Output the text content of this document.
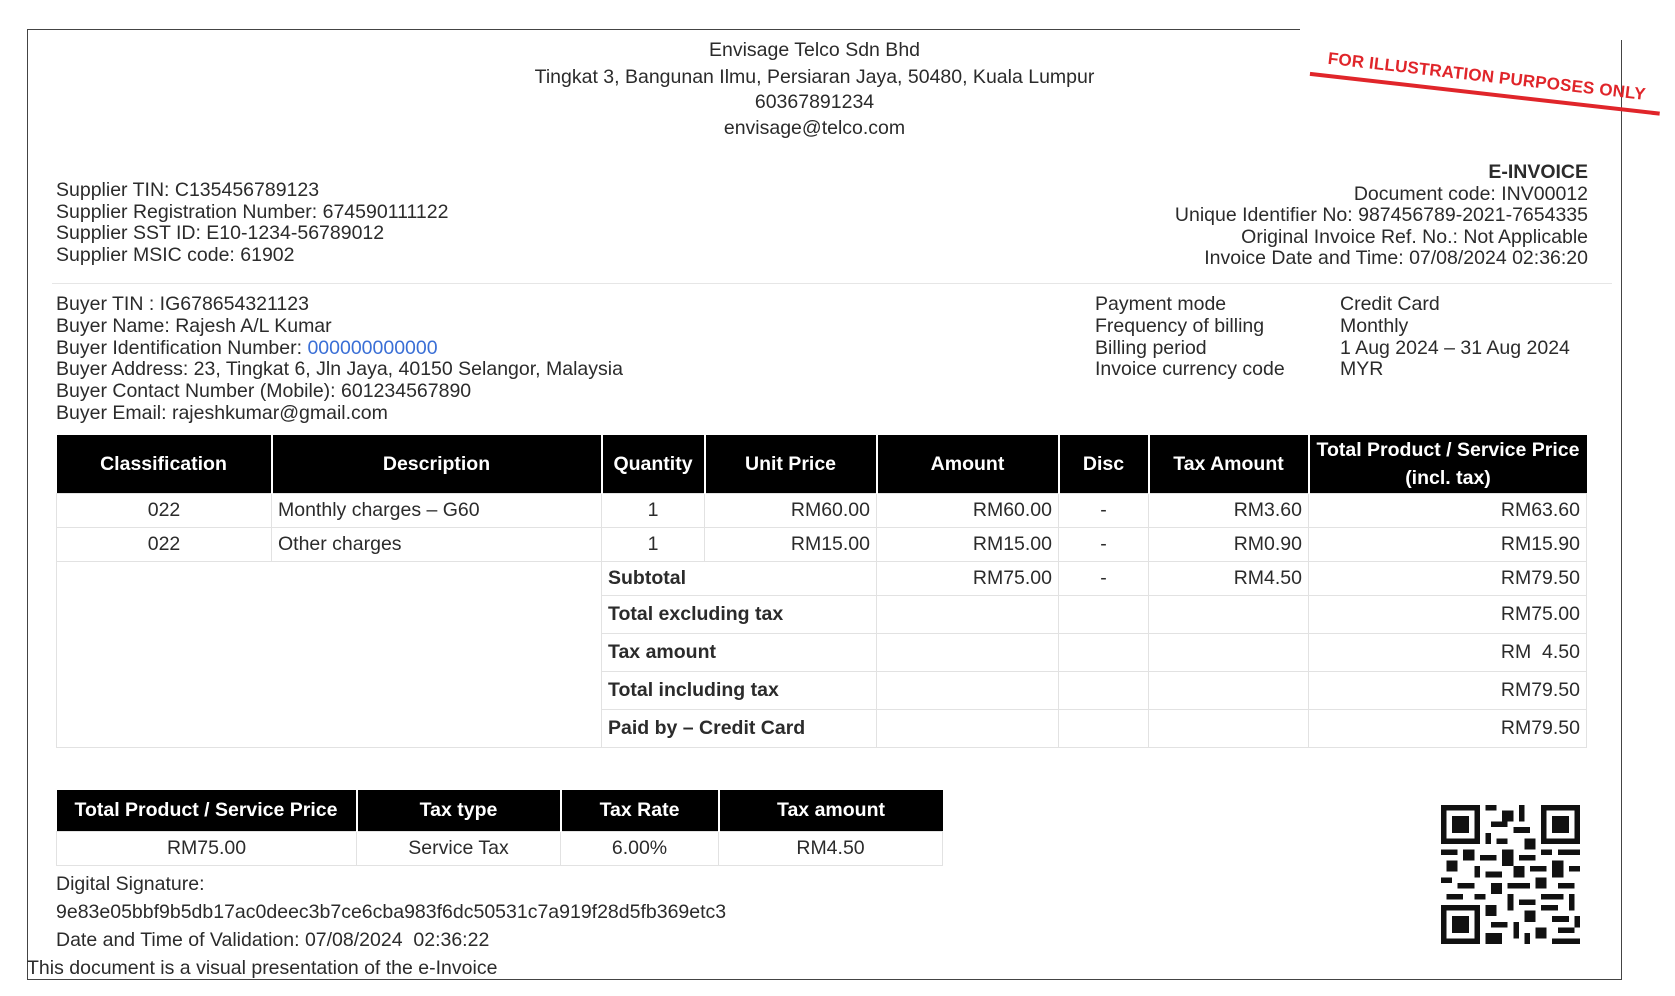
FOR ILLUSTRATION PURPOSES ONLY
Envisage Telco Sdn Bhd
Tingkat 3, Bangunan Ilmu, Persiaran Jaya, 50480, Kuala Lumpur
60367891234
envisage@telco.com
Supplier TIN: C135456789123
Supplier Registration Number: 674590111122
Supplier SST ID: E10-1234-56789012
Supplier MSIC code: 61902
E-INVOICE
Document code: INV00012
Unique Identifier No: 987456789-2021-7654335
Original Invoice Ref. No.: Not Applicable
Invoice Date and Time: 07/08/2024 02:36:20
Buyer TIN : IG678654321123
Buyer Name: Rajesh A/L Kumar
Buyer Identification Number: 000000000000
Buyer Address: 23, Tingkat 6, Jln Jaya, 40150 Selangor, Malaysia
Buyer Contact Number (Mobile): 601234567890
Buyer Email: rajeshkumar@gmail.com
Payment mode	Credit Card
Frequency of billing	Monthly
Billing period	1 Aug 2024 – 31 Aug 2024
Invoice currency code	MYR
Classification	Description	Quantity	Unit Price	Amount	Disc	Tax Amount	Total Product / Service Price (incl. tax)
022	Monthly charges – G60	1	RM60.00	RM60.00	-	RM3.60	RM63.60
022	Other charges	1	RM15.00	RM15.00	-	RM0.90	RM15.90
		Subtotal		RM75.00	-	RM4.50	RM79.50
		Total excluding tax					RM75.00
		Tax amount					RM  4.50
		Total including tax					RM79.50
		Paid by – Credit Card					RM79.50
Total Product / Service Price	Tax type	Tax Rate	Tax amount
RM75.00	Service Tax	6.00%	RM4.50
Digital Signature:
9e83e05bbf9b5db17ac0deec3b7ce6cba983f6dc50531c7a919f28d5fb369etc3
Date and Time of Validation: 07/08/2024  02:36:22
This document is a visual presentation of the e-Invoice
